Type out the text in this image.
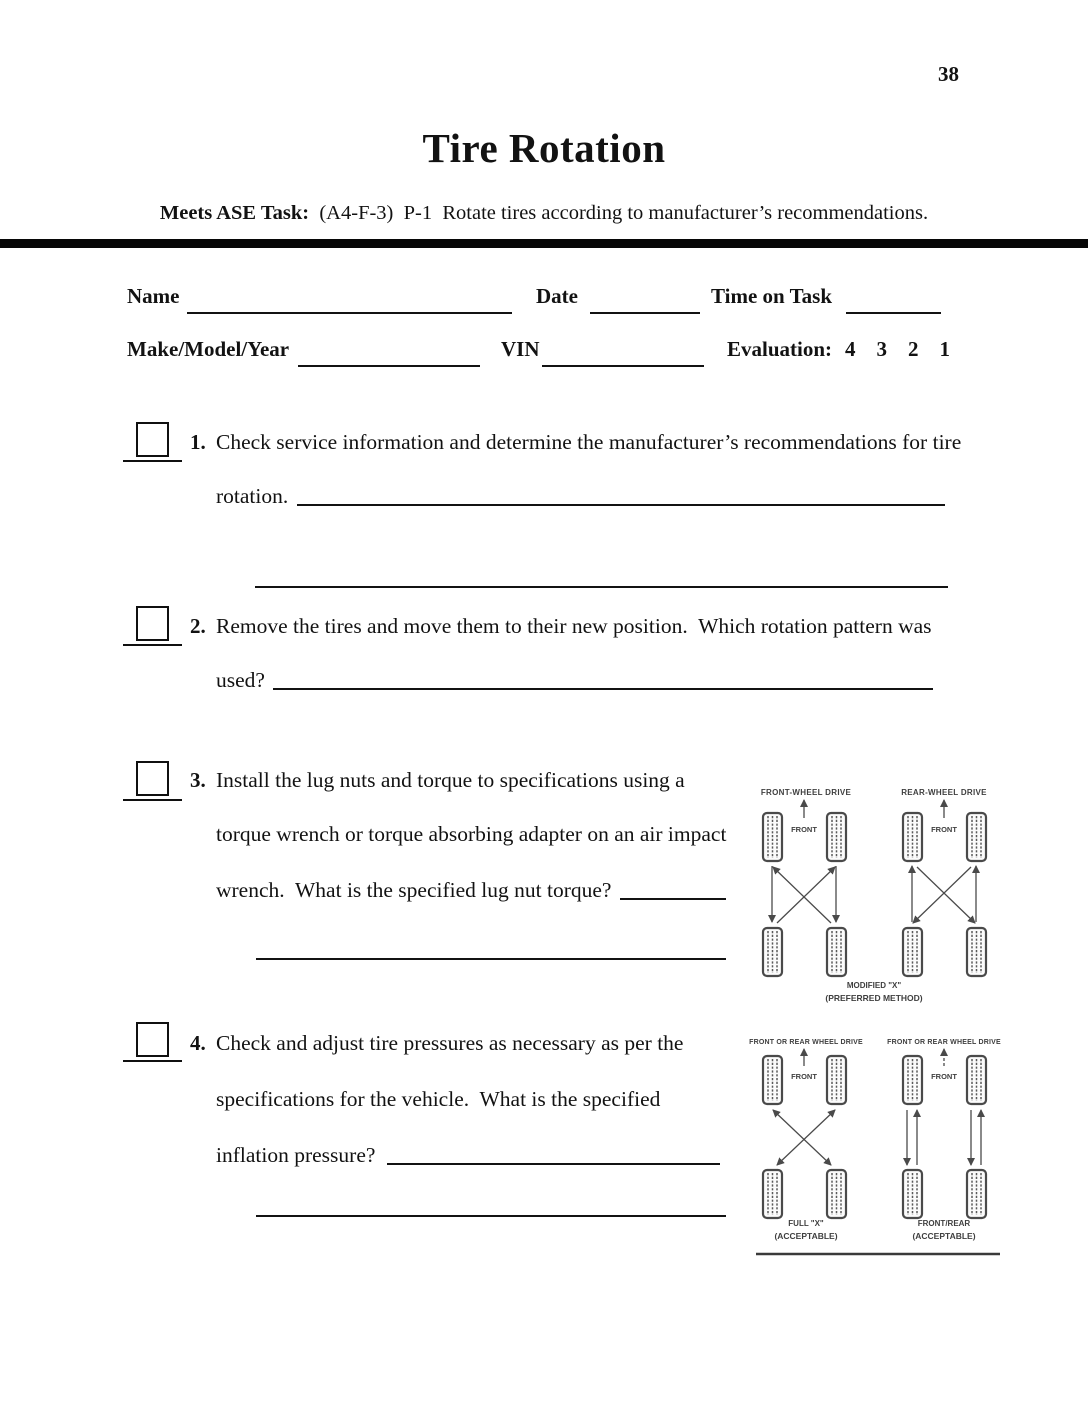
38
Tire Rotation
Meets ASE Task:  (A4-F-3)  P-1  Rotate tires according to manufacturer’s recommendations.
Name	Date	Time on Task
Make/Model/Year	VIN	Evaluation: 4 3 2 1
1. Check service information and determine the manufacturer’s recommendations for tire
rotation.
2. Remove the tires and move them to their new position.  Which rotation pattern was
used?
3. Install the lug nuts and torque to specifications using a
torque wrench or torque absorbing adapter on an air impact
wrench.  What is the specified lug nut torque?
4. Check and adjust tire pressures as necessary as per the
specifications for the vehicle.  What is the specified
inflation pressure?
FRONT-WHEEL DRIVE	REAR-WHEEL DRIVE
FRONT	FRONT
MODIFIED "X"
(PREFERRED METHOD)
FRONT OR REAR WHEEL DRIVE	FRONT OR REAR WHEEL DRIVE
FRONT	FRONT
FULL "X"
(ACCEPTABLE)
FRONT/REAR
(ACCEPTABLE)
